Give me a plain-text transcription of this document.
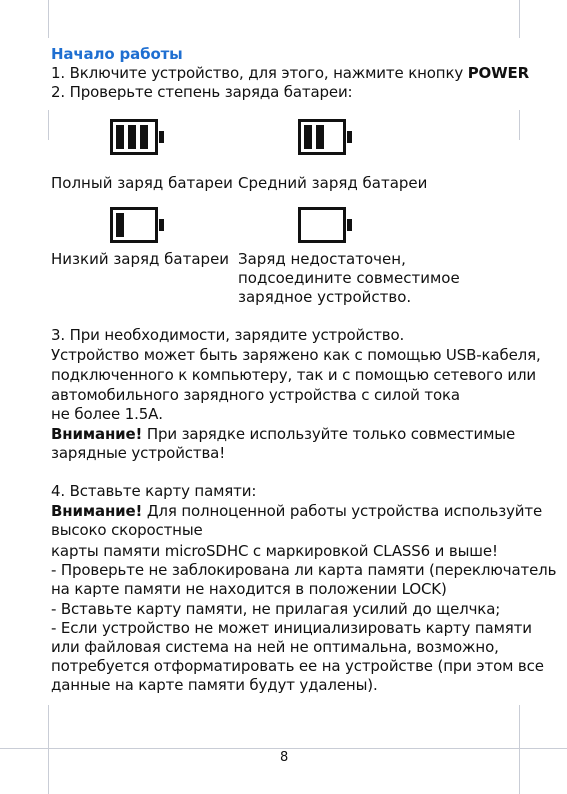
Начало работы
1. Включите устройство, для этого, нажмите кнопку POWER
2. Проверьте степень заряда батареи:
Полный заряд батареи Средний заряд батареи
Низкий заряд батареи Заряд недостаточен,
подсоедините совместимое
зарядное устройство.
3. При необходимости, зарядите устройство.
Устройство может быть заряжено как с помощью USB-кабеля,
подключенного к компьютеру, так и с помощью сетевого или
автомобильного зарядного устройства с силой тока
не более 1.5А.
Внимание! При зарядке используйте только совместимые
зарядные устройства!
4. Вставьте карту памяти:
Внимание! Для полноценной работы устройства используйте
высоко скоростные
карты памяти microSDHC с маркировкой CLASS6 и выше!
- Проверьте не заблокирована ли карта памяти (переключатель
на карте памяти не находится в положении LOCK)
- Вставьте карту памяти, не прилагая усилий до щелчка;
- Если устройство не может инициализировать карту памяти
или файловая система на ней не оптимальна, возможно,
потребуется отформатировать ее на устройстве (при этом все
данные на карте памяти будут удалены).
8
